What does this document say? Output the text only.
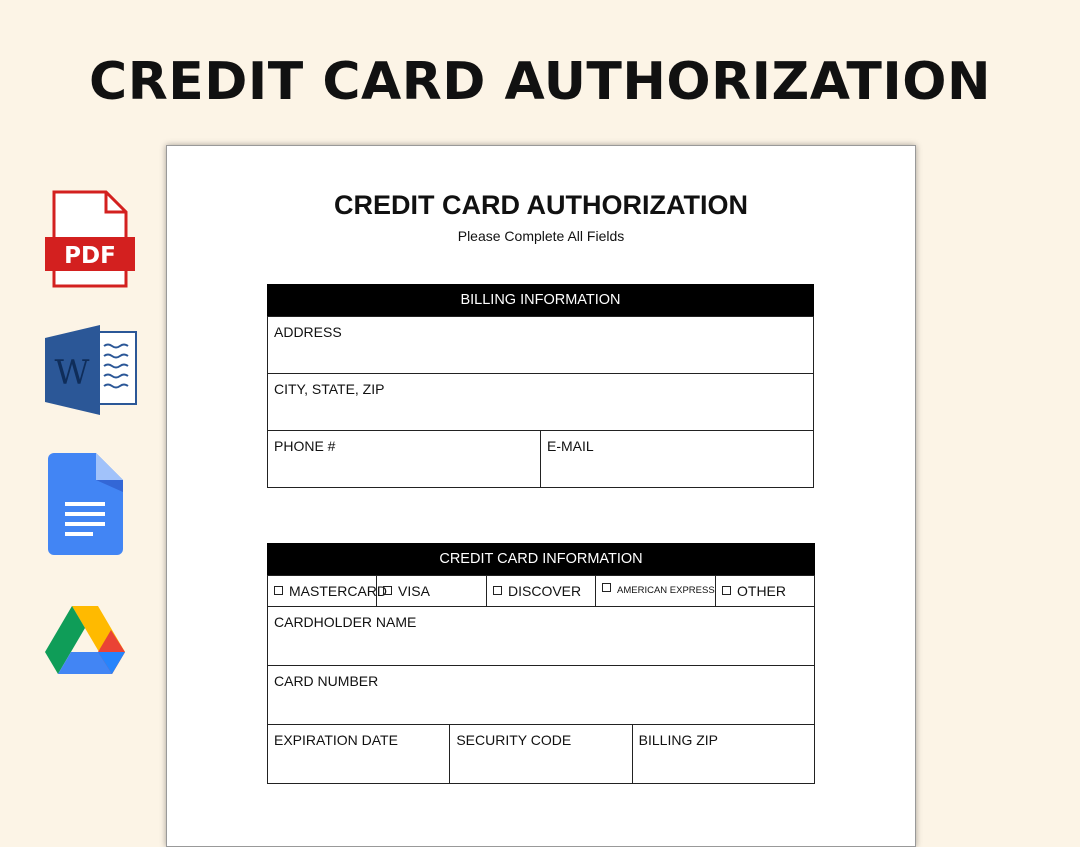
CREDIT CARD AUTHORIZATION
PDF
W
CREDIT CARD AUTHORIZATION
Please Complete All Fields
BILLING INFORMATION
ADDRESS
CITY, STATE, ZIP
PHONE #	E-MAIL
CREDIT CARD INFORMATION
MASTERCARD	VISA	DISCOVER	AMERICAN EXPRESS	OTHER
CARDHOLDER NAME
CARD NUMBER
EXPIRATION DATE	SECURITY CODE	BILLING ZIP
